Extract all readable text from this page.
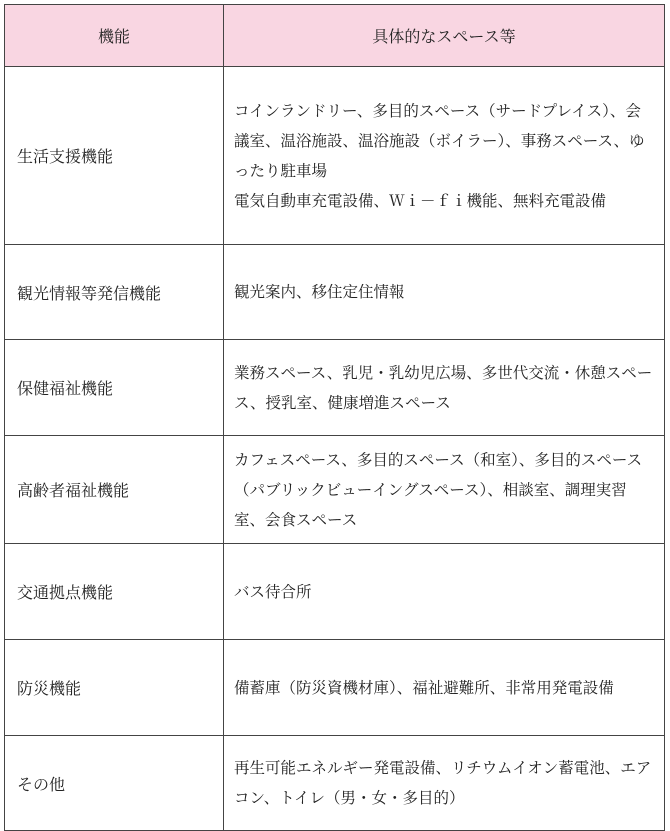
機能	具体的なスペース等
生活支援機能	コインランドリー、多目的スペース（サードプレイス）、会議室、温浴施設、温浴施設（ボイラー）、事務スペース、ゆったり駐車場
電気自動車充電設備、Ｗｉ－ｆｉ機能、無料充電設備

観光情報等発信機能	観光案内、移住定住情報

保健福祉機能	業務スペース、乳児・乳幼児広場、多世代交流・休憩スペース、授乳室、健康増進スペース

高齢者福祉機能	カフェスペース、多目的スペース（和室）、多目的スペース（パブリックビューイングスペース）、相談室、調理実習室、会食スペース

交通拠点機能	バス待合所

防災機能	備蓄庫（防災資機材庫）、福祉避難所、非常用発電設備

その他	再生可能エネルギー発電設備、リチウムイオン蓄電池、エアコン、トイレ（男・女・多目的）
